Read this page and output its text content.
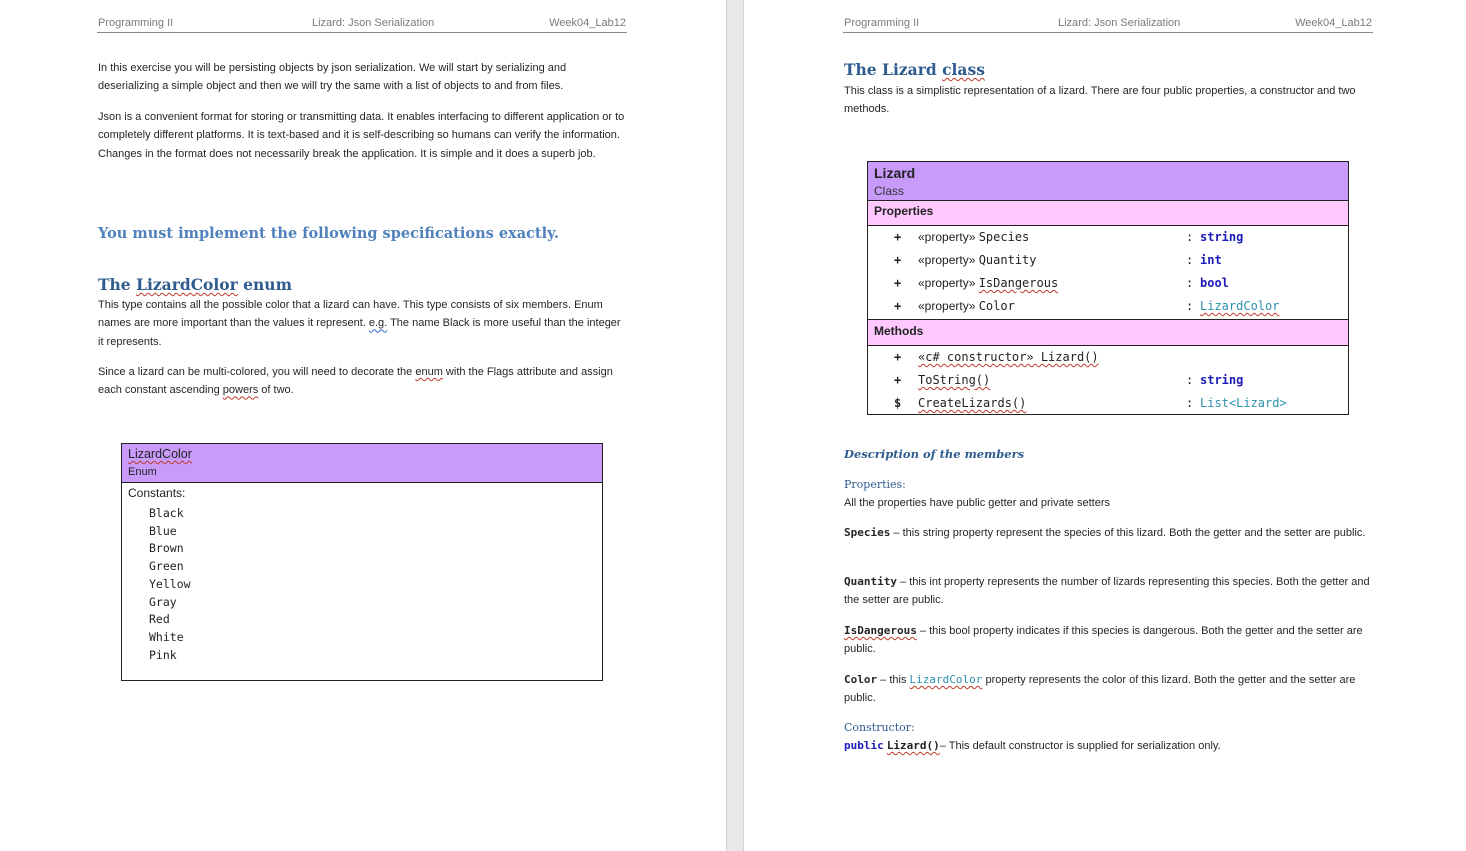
Programming II	Lizard: Json Serialization	Week04_Lab12

In this exercise you will be persisting objects by json serialization. We will start by serializing and deserializing a simple object and then we will try the same with a list of objects to and from files.

Json is a convenient format for storing or transmitting data. It enables interfacing to different application or to completely different platforms. It is text-based and it is self-describing so humans can verify the information. Changes in the format does not necessarily break the application. It is simple and it does a superb job.

You must implement the following specifications exactly.

The LizardColor enum

This type contains all the possible color that a lizard can have. This type consists of six members. Enum names are more important than the values it represent. e.g. The name Black is more useful than the integer it represents.

Since a lizard can be multi-colored, you will need to decorate the enum with the Flags attribute and assign each constant ascending powers of two.

LizardColor
Enum
Constants:
Black
Blue
Brown
Green
Yellow
Gray
Red
White
Pink
Programming II	Lizard: Json Serialization	Week04_Lab12

The Lizard class

This class is a simplistic representation of a lizard. There are four public properties, a constructor and two methods.

Lizard
Class
Properties
+ «property» Species	: string
+ «property» Quantity	: int
+ «property» IsDangerous	: bool
+ «property» Color	: LizardColor
Methods
+ «c# constructor» Lizard()
+ ToString()	: string
$ CreateLizards()	: List<Lizard>

Description of the members

Properties:

All the properties have public getter and private setters

Species – this string property represent the species of this lizard. Both the getter and the setter are public.

Quantity – this int property represents the number of lizards representing this species. Both the getter and the setter are public.

IsDangerous – this bool property indicates if this species is dangerous. Both the getter and the setter are public.

Color – this LizardColor property represents the color of this lizard. Both the getter and the setter are public.

Constructor:

public Lizard()– This default constructor is supplied for serialization only.
